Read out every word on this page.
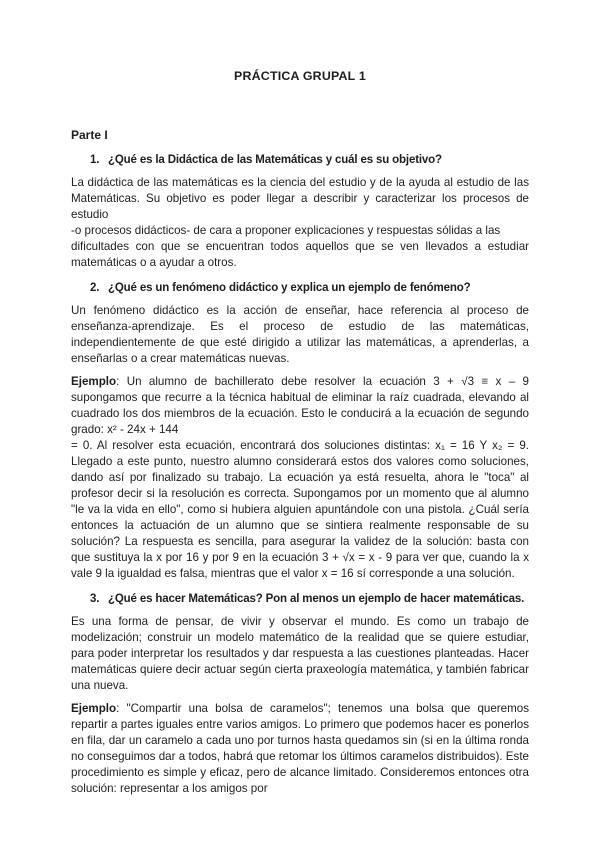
PRÁCTICA GRUPAL 1
Parte I
1. ¿Qué es la Didáctica de las Matemáticas y cuál es su objetivo?
La didáctica de las matemáticas es la ciencia del estudio y de la ayuda al estudio de las Matemáticas. Su objetivo es poder llegar a describir y caracterizar los procesos de estudio
-o procesos didácticos- de cara a proponer explicaciones y respuestas sólidas a las
dificultades con que se encuentran todos aquellos que se ven llevados a estudiar matemáticas o a ayudar a otros.
2. ¿Qué es un fenómeno didáctico y explica un ejemplo de fenómeno?
Un fenómeno didáctico es la acción de enseñar, hace referencia al proceso de enseñanza-aprendizaje. Es el proceso de estudio de las matemáticas, independientemente de que esté dirigido a utilizar las matemáticas, a aprenderlas, a enseñarlas o a crear matemáticas nuevas.
Ejemplo: Un alumno de bachillerato debe resolver la ecuación 3 + √3 ≡ x – 9 supongamos que recurre a la técnica habitual de eliminar la raíz cuadrada, elevando al cuadrado los dos miembros de la ecuación. Esto le conducirá a la ecuación de segundo grado: x² - 24x + 144
= 0. Al resolver esta ecuación, encontrará dos soluciones distintas: x₁ = 16 Y x₂ = 9. Llegado a este punto, nuestro alumno considerará estos dos valores como soluciones, dando así por finalizado su trabajo. La ecuación ya está resuelta, ahora le "toca" al profesor decir si la resolución es correcta. Supongamos por un momento que al alumno "le va la vida en ello", como si hubiera alguien apuntándole con una pistola. ¿Cuál sería entonces la actuación de un alumno que se sintiera realmente responsable de su solución? La respuesta es sencilla, para asegurar la validez de la solución: basta con que sustituya la x por 16 y por 9 en la ecuación 3 + √x = x - 9 para ver que, cuando la x vale 9 la igualdad es falsa, mientras que el valor x = 16 sí corresponde a una solución.
3. ¿Qué es hacer Matemáticas? Pon al menos un ejemplo de hacer matemáticas.
Es una forma de pensar, de vivir y observar el mundo. Es como un trabajo de modelización; construir un modelo matemático de la realidad que se quiere estudiar, para poder interpretar los resultados y dar respuesta a las cuestiones planteadas. Hacer matemáticas quiere decir actuar según cierta praxeología matemática, y también fabricar una nueva.
Ejemplo: "Compartir una bolsa de caramelos"; tenemos una bolsa que queremos repartir a partes iguales entre varios amigos. Lo primero que podemos hacer es ponerlos en fila, dar un caramelo a cada uno por turnos hasta quedamos sin (si en la última ronda no conseguimos dar a todos, habrá que retomar los últimos caramelos distribuidos). Este procedimiento es simple y eficaz, pero de alcance limitado. Consideremos entonces otra solución: representar a los amigos por
